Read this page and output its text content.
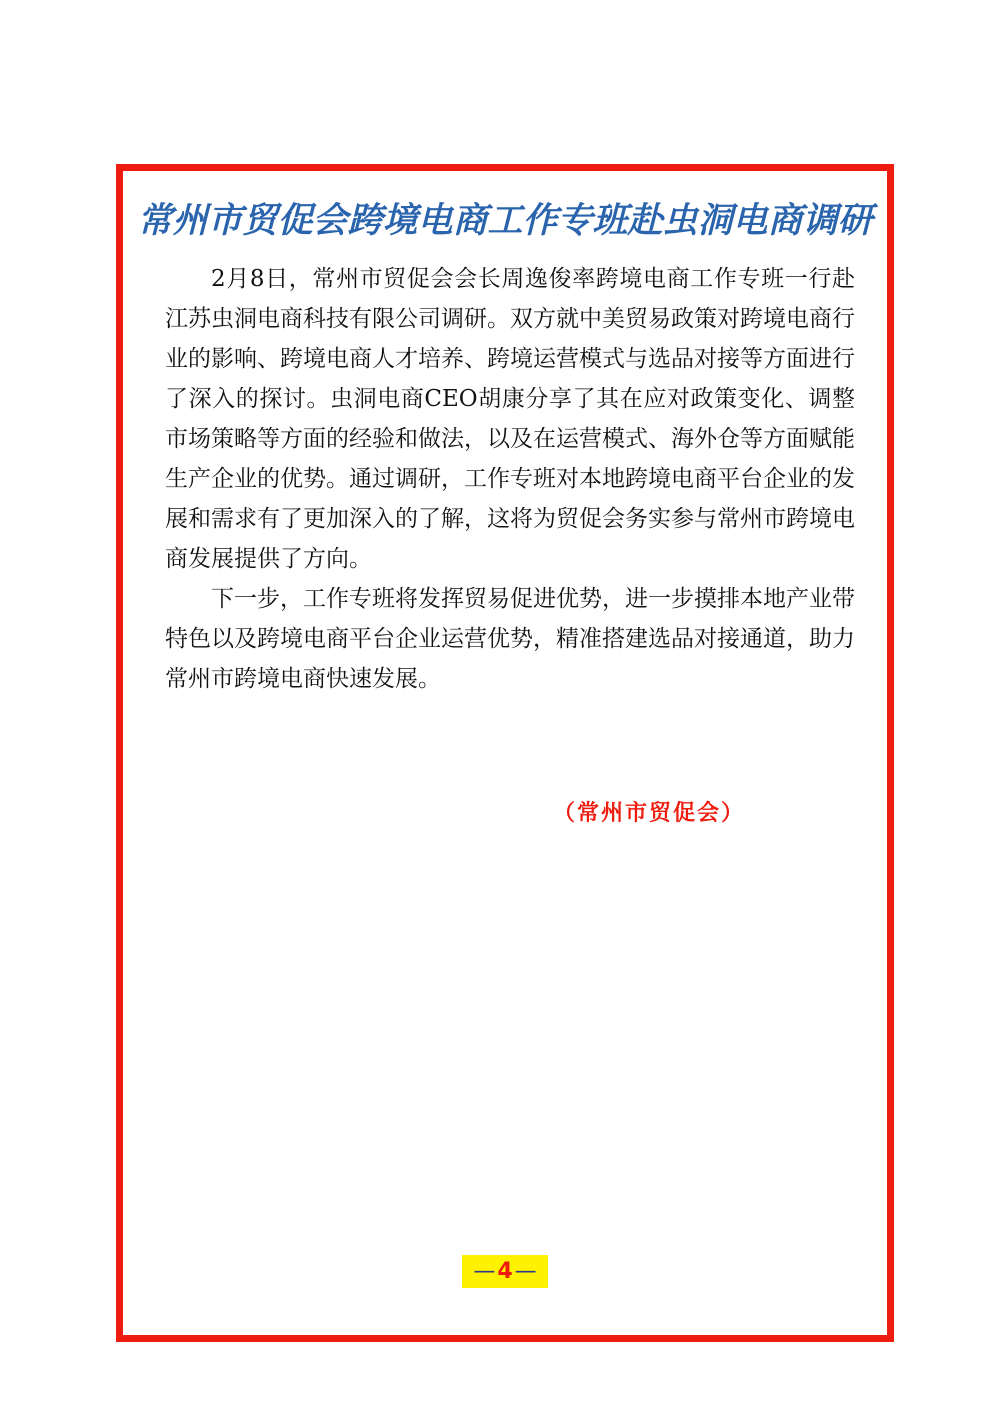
常州市贸促会跨境电商工作专班赴虫洞电商调研

2月8日，常州市贸促会会长周逸俊率跨境电商工作专班一行赴江苏虫洞电商科技有限公司调研。双方就中美贸易政策对跨境电商行业的影响、跨境电商人才培养、跨境运营模式与选品对接等方面进行了深入的探讨。虫洞电商CEO胡康分享了其在应对政策变化、调整市场策略等方面的经验和做法，以及在运营模式、海外仓等方面赋能生产企业的优势。通过调研，工作专班对本地跨境电商平台企业的发展和需求有了更加深入的了解，这将为贸促会务实参与常州市跨境电商发展提供了方向。

下一步，工作专班将发挥贸易促进优势，进一步摸排本地产业带特色以及跨境电商平台企业运营优势，精准搭建选品对接通道，助力常州市跨境电商快速发展。

（常州市贸促会）
— 4 —
